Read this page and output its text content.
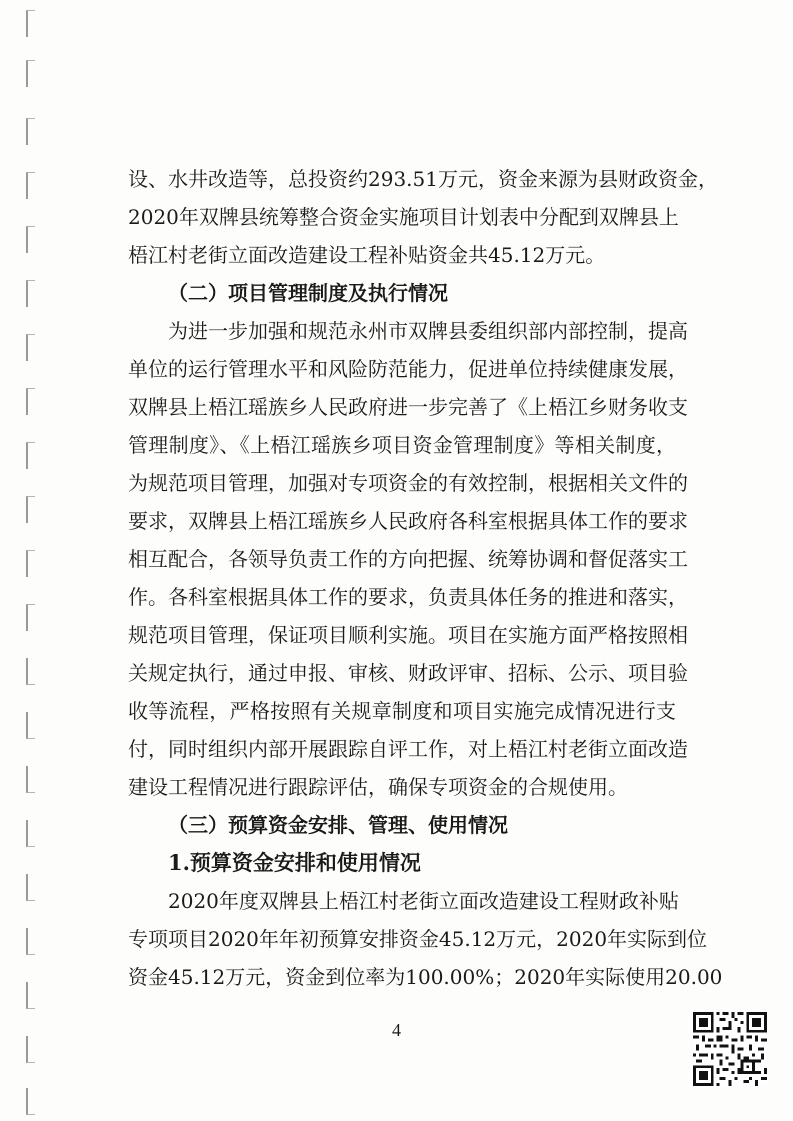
设、水井改造等，总投资约293.51万元，资金来源为县财政资金，
2020年双牌县统筹整合资金实施项目计划表中分配到双牌县上
梧江村老街立面改造建设工程补贴资金共45.12万元。
（二）项目管理制度及执行情况
为进一步加强和规范永州市双牌县委组织部内部控制，提高
单位的运行管理水平和风险防范能力，促进单位持续健康发展，
双牌县上梧江瑶族乡人民政府进一步完善了《上梧江乡财务收支
管理制度》、《上梧江瑶族乡项目资金管理制度》等相关制度，
为规范项目管理，加强对专项资金的有效控制，根据相关文件的
要求，双牌县上梧江瑶族乡人民政府各科室根据具体工作的要求
相互配合，各领导负责工作的方向把握、统筹协调和督促落实工
作。各科室根据具体工作的要求，负责具体任务的推进和落实，
规范项目管理，保证项目顺利实施。项目在实施方面严格按照相
关规定执行，通过申报、审核、财政评审、招标、公示、项目验
收等流程，严格按照有关规章制度和项目实施完成情况进行支
付，同时组织内部开展跟踪自评工作，对上梧江村老街立面改造
建设工程情况进行跟踪评估，确保专项资金的合规使用。
（三）预算资金安排、管理、使用情况
1.预算资金安排和使用情况
2020年度双牌县上梧江村老街立面改造建设工程财政补贴
专项项目2020年年初预算安排资金45.12万元，2020年实际到位
资金45.12万元，资金到位率为100.00%；2020年实际使用20.00
4
